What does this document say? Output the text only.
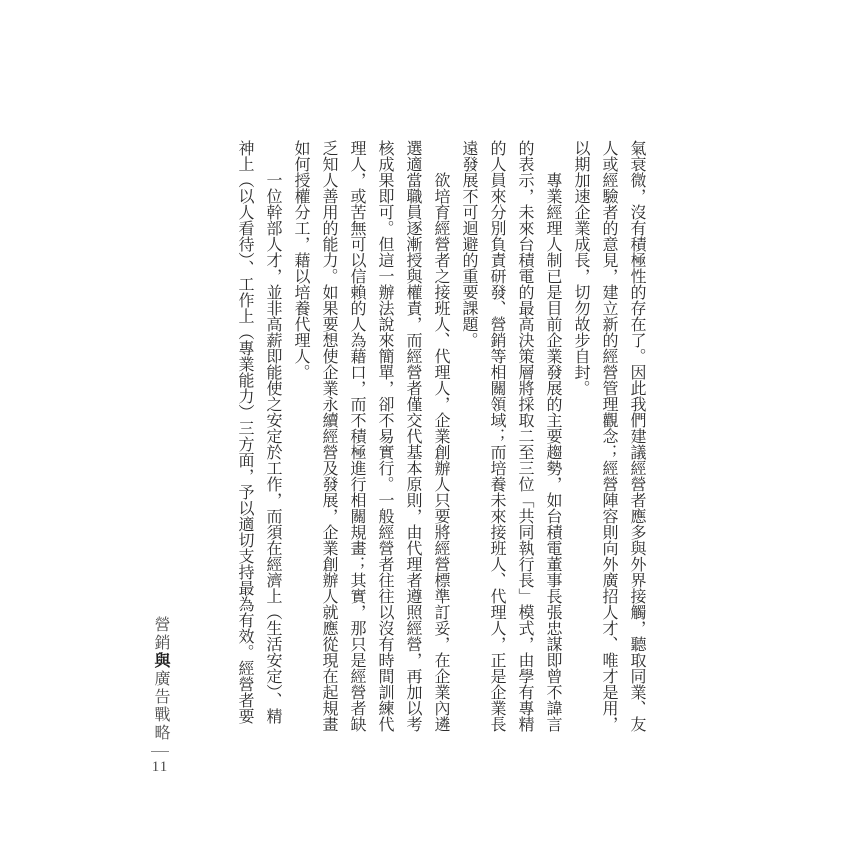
氣衰微，沒有積極性的存在了。因此我們建議經營者應多與外界接觸，聽取同業、友人或經驗者的意見，建立新的經營管理觀念；經營陣容則向外廣招人才、唯才是用，以期加速企業成長，切勿故步自封。

專業經理人制已是目前企業發展的主要趨勢，如台積電董事長張忠謀即曾不諱言的表示，未來台積電的最高決策層將採取二至三位「共同執行長」模式，由學有專精的人員來分別負責研發、營銷等相關領域；而培養未來接班人、代理人，正是企業長遠發展不可迴避的重要課題。

欲培育經營者之接班人、代理人，企業創辦人只要將經營標準訂妥，在企業內遴選適當職員逐漸授與權責，而經營者僅交代基本原則，由代理者遵照經營，再加以考核成果即可。但這一辦法說來簡單，卻不易實行。一般經營者往往以沒有時間訓練代理人，或苦無可以信賴的人為藉口，而不積極進行相關規畫；其實，那只是經營者缺乏知人善用的能力。如果要想使企業永續經營及發展，企業創辦人就應從現在起規畫如何授權分工，藉以培養代理人。

一位幹部人才，並非高薪即能使之安定於工作，而須在經濟上（生活安定）、精神上（以人看待）、工作上（專業能力）三方面，予以適切支持最為有效。經營者要

營銷與廣告戰略
11
